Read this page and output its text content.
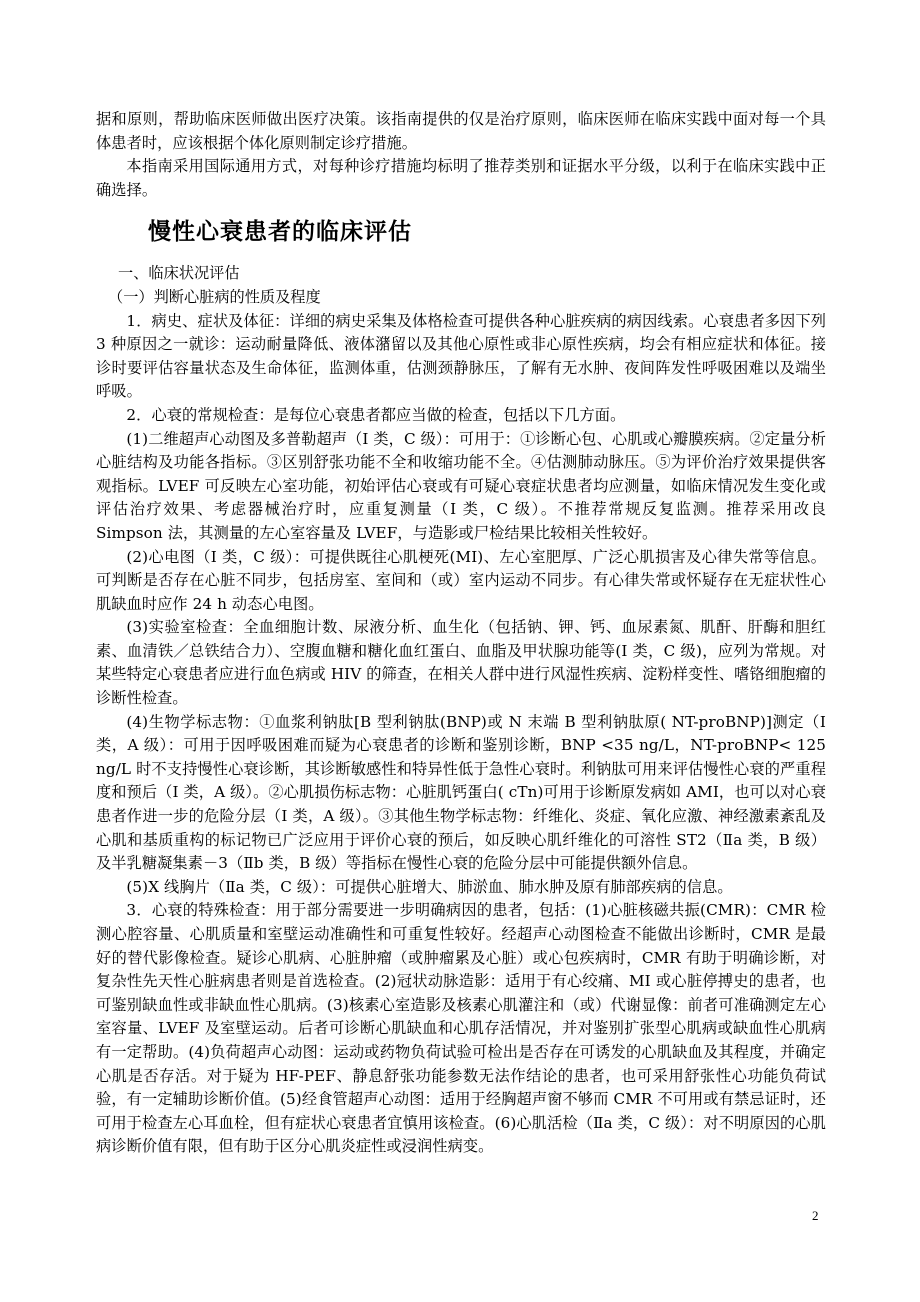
据和原则，帮助临床医师做出医疗决策。该指南提供的仅是治疗原则，临床医师在临床实践中面对每一个具体患者时，应该根据个体化原则制定诊疗措施。

本指南采用国际通用方式，对每种诊疗措施均标明了推荐类别和证据水平分级，以利于在临床实践中正确选择。

慢性心衰患者的临床评估

一、临床状况评估

（一）判断心脏病的性质及程度

1．病史、症状及体征：详细的病史采集及体格检查可提供各种心脏疾病的病因线索。心衰患者多因下列 3 种原因之一就诊：运动耐量降低、液体潴留以及其他心原性或非心原性疾病，均会有相应症状和体征。接诊时要评估容量状态及生命体征，监测体重，估测颈静脉压，了解有无水肿、夜间阵发性呼吸困难以及端坐呼吸。

2．心衰的常规检查：是每位心衰患者都应当做的检查，包括以下几方面。

(1)二维超声心动图及多普勒超声（I 类，C 级）：可用于：①诊断心包、心肌或心瓣膜疾病。②定量分析心脏结构及功能各指标。③区别舒张功能不全和收缩功能不全。④估测肺动脉压。⑤为评价治疗效果提供客观指标。LVEF 可反映左心室功能，初始评估心衰或有可疑心衰症状患者均应测量，如临床情况发生变化或评估治疗效果、考虑器械治疗时，应重复测量（I 类，C 级）。不推荐常规反复监测。推荐采用改良 Simpson 法，其测量的左心室容量及 LVEF，与造影或尸检结果比较相关性较好。

(2)心电图（I 类，C 级）：可提供既往心肌梗死(MI)、左心室肥厚、广泛心肌损害及心律失常等信息。可判断是否存在心脏不同步，包括房室、室间和（或）室内运动不同步。有心律失常或怀疑存在无症状性心肌缺血时应作 24 h 动态心电图。

(3)实验室检查：全血细胞计数、尿液分析、血生化（包括钠、钾、钙、血尿素氮、肌酐、肝酶和胆红素、血清铁／总铁结合力）、空腹血糖和糖化血红蛋白、血脂及甲状腺功能等(I 类，C 级)，应列为常规。对某些特定心衰患者应进行血色病或 HIV 的筛查，在相关人群中进行风湿性疾病、淀粉样变性、嗜铬细胞瘤的诊断性检查。

(4)生物学标志物：①血浆利钠肽[B 型利钠肽(BNP)或 N 末端 B 型利钠肽原( NT-proBNP)]测定（I 类，A 级）：可用于因呼吸困难而疑为心衰患者的诊断和鉴别诊断，BNP <35 ng/L，NT-proBNP< 125 ng/L 时不支持慢性心衰诊断，其诊断敏感性和特异性低于急性心衰时。利钠肽可用来评估慢性心衰的严重程度和预后（I 类，A 级）。②心肌损伤标志物：心脏肌钙蛋白( cTn)可用于诊断原发病如 AMI，也可以对心衰患者作进一步的危险分层（I 类，A 级）。③其他生物学标志物：纤维化、炎症、氧化应激、神经激素紊乱及心肌和基质重构的标记物已广泛应用于评价心衰的预后，如反映心肌纤维化的可溶性 ST2（Ⅱa 类，B 级）及半乳糖凝集素－3（Ⅱb 类，B 级）等指标在慢性心衰的危险分层中可能提供额外信息。

(5)X 线胸片（Ⅱa 类，C 级）：可提供心脏增大、肺淤血、肺水肿及原有肺部疾病的信息。

3．心衰的特殊检查：用于部分需要进一步明确病因的患者，包括：(1)心脏核磁共振(CMR)：CMR 检测心腔容量、心肌质量和室壁运动准确性和可重复性较好。经超声心动图检查不能做出诊断时，CMR 是最好的替代影像检查。疑诊心肌病、心脏肿瘤（或肿瘤累及心脏）或心包疾病时，CMR 有助于明确诊断，对复杂性先天性心脏病患者则是首选检查。(2)冠状动脉造影：适用于有心绞痛、MI 或心脏停搏史的患者，也可鉴别缺血性或非缺血性心肌病。(3)核素心室造影及核素心肌灌注和（或）代谢显像：前者可准确测定左心室容量、LVEF 及室壁运动。后者可诊断心肌缺血和心肌存活情况，并对鉴别扩张型心肌病或缺血性心肌病有一定帮助。(4)负荷超声心动图：运动或药物负荷试验可检出是否存在可诱发的心肌缺血及其程度，并确定心肌是否存活。对于疑为 HF-PEF、静息舒张功能参数无法作结论的患者，也可采用舒张性心功能负荷试验，有一定辅助诊断价值。(5)经食管超声心动图：适用于经胸超声窗不够而 CMR 不可用或有禁忌证时，还可用于检查左心耳血栓，但有症状心衰患者宜慎用该检查。(6)心肌活检（Ⅱa 类，C 级）：对不明原因的心肌病诊断价值有限，但有助于区分心肌炎症性或浸润性病变。

2
